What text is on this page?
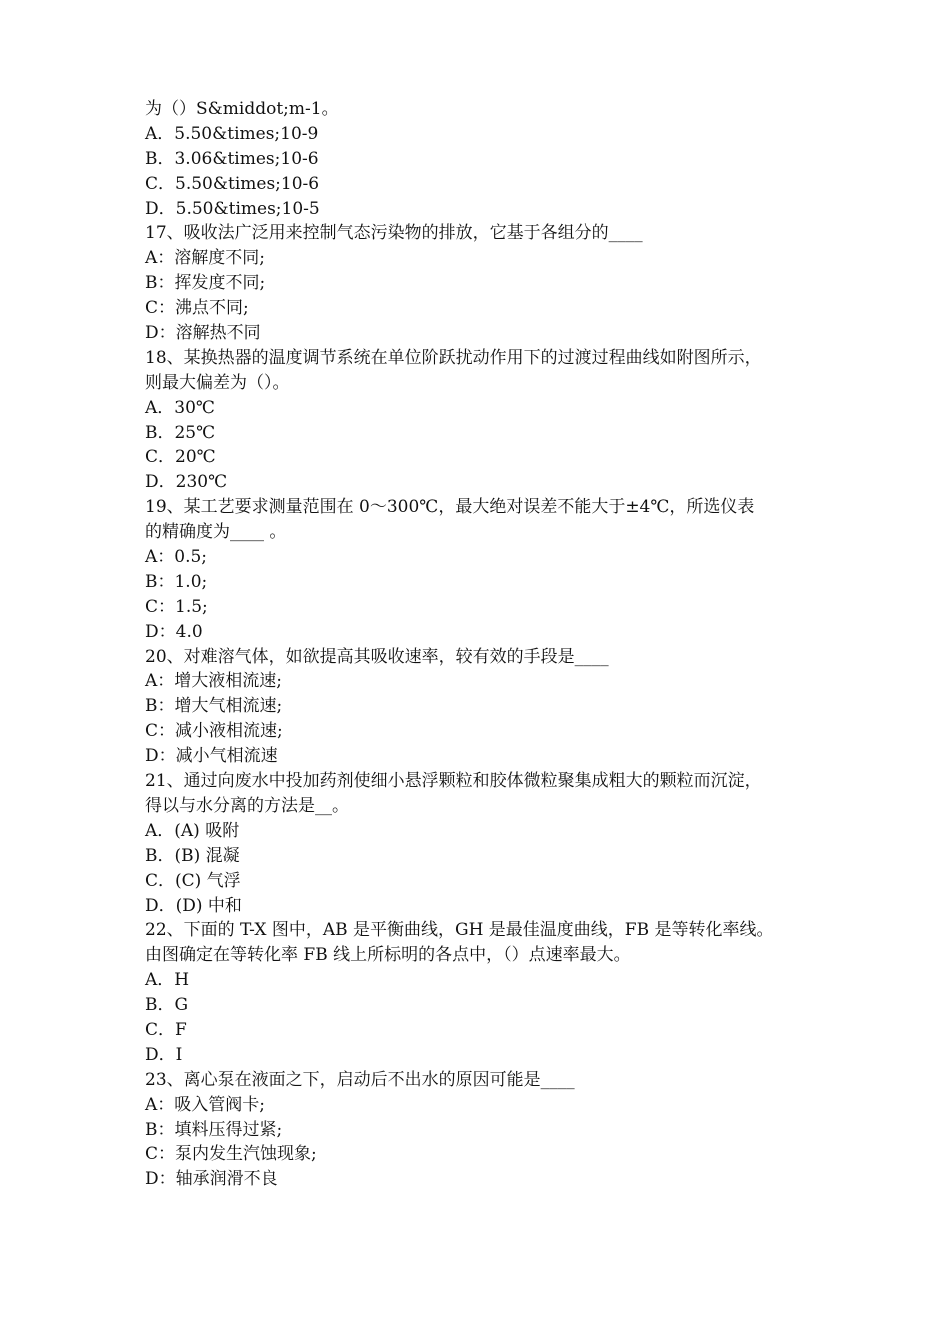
为（）S&middot;m-1。
A．5.50&times;10-9
B．3.06&times;10-6
C．5.50&times;10-6
D．5.50&times;10-5
17、吸收法广泛用来控制气态污染物的排放，它基于各组分的____
A：溶解度不同;
B：挥发度不同;
C：沸点不同;
D：溶解热不同
18、某换热器的温度调节系统在单位阶跃扰动作用下的过渡过程曲线如附图所示，
则最大偏差为（）。
A．30℃
B．25℃
C．20℃
D．230℃
19、某工艺要求测量范围在 0～300℃，最大绝对误差不能大于±4℃，所选仪表
的精确度为____ 。
A：0.5;
B：1.0;
C：1.5;
D：4.0
20、对难溶气体，如欲提高其吸收速率，较有效的手段是____
A：增大液相流速;
B：增大气相流速;
C：减小液相流速;
D：减小气相流速
21、通过向废水中投加药剂使细小悬浮颗粒和胶体微粒聚集成粗大的颗粒而沉淀，
得以与水分离的方法是__。
A．(A) 吸附
B．(B) 混凝
C．(C) 气浮
D．(D) 中和
22、下面的 T-X 图中，AB 是平衡曲线，GH 是最佳温度曲线，FB 是等转化率线。
由图确定在等转化率 FB 线上所标明的各点中，（）点速率最大。
A．H
B．G
C．F
D．I
23、离心泵在液面之下，启动后不出水的原因可能是____
A：吸入管阀卡;
B：填料压得过紧;
C：泵内发生汽蚀现象;
D：轴承润滑不良
